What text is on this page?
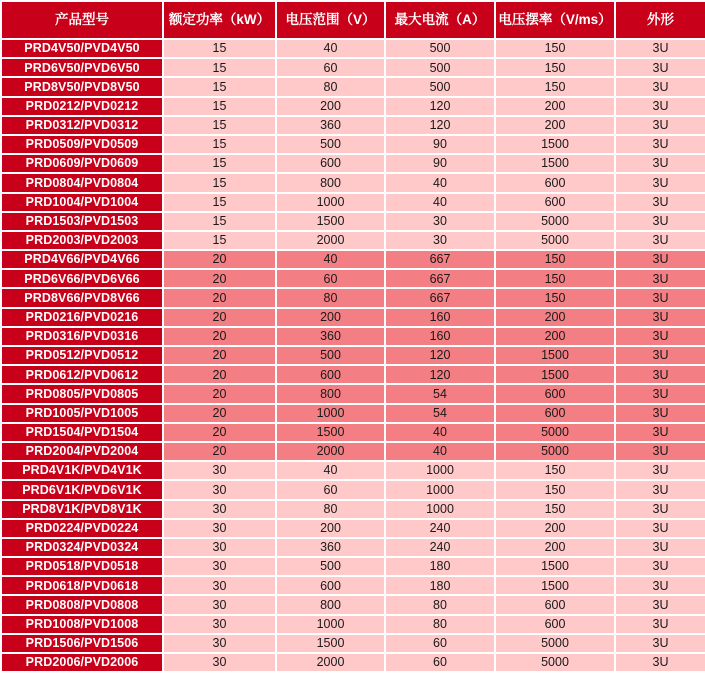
产品型号	额定功率（kW）	电压范围（V）	最大电流（A）	电压摆率（V/ms）	外形
PRD4V50/PVD4V50	15	40	500	150	3U
PRD6V50/PVD6V50	15	60	500	150	3U
PRD8V50/PVD8V50	15	80	500	150	3U
PRD0212/PVD0212	15	200	120	200	3U
PRD0312/PVD0312	15	360	120	200	3U
PRD0509/PVD0509	15	500	90	1500	3U
PRD0609/PVD0609	15	600	90	1500	3U
PRD0804/PVD0804	15	800	40	600	3U
PRD1004/PVD1004	15	1000	40	600	3U
PRD1503/PVD1503	15	1500	30	5000	3U
PRD2003/PVD2003	15	2000	30	5000	3U
PRD4V66/PVD4V66	20	40	667	150	3U
PRD6V66/PVD6V66	20	60	667	150	3U
PRD8V66/PVD8V66	20	80	667	150	3U
PRD0216/PVD0216	20	200	160	200	3U
PRD0316/PVD0316	20	360	160	200	3U
PRD0512/PVD0512	20	500	120	1500	3U
PRD0612/PVD0612	20	600	120	1500	3U
PRD0805/PVD0805	20	800	54	600	3U
PRD1005/PVD1005	20	1000	54	600	3U
PRD1504/PVD1504	20	1500	40	5000	3U
PRD2004/PVD2004	20	2000	40	5000	3U
PRD4V1K/PVD4V1K	30	40	1000	150	3U
PRD6V1K/PVD6V1K	30	60	1000	150	3U
PRD8V1K/PVD8V1K	30	80	1000	150	3U
PRD0224/PVD0224	30	200	240	200	3U
PRD0324/PVD0324	30	360	240	200	3U
PRD0518/PVD0518	30	500	180	1500	3U
PRD0618/PVD0618	30	600	180	1500	3U
PRD0808/PVD0808	30	800	80	600	3U
PRD1008/PVD1008	30	1000	80	600	3U
PRD1506/PVD1506	30	1500	60	5000	3U
PRD2006/PVD2006	30	2000	60	5000	3U
